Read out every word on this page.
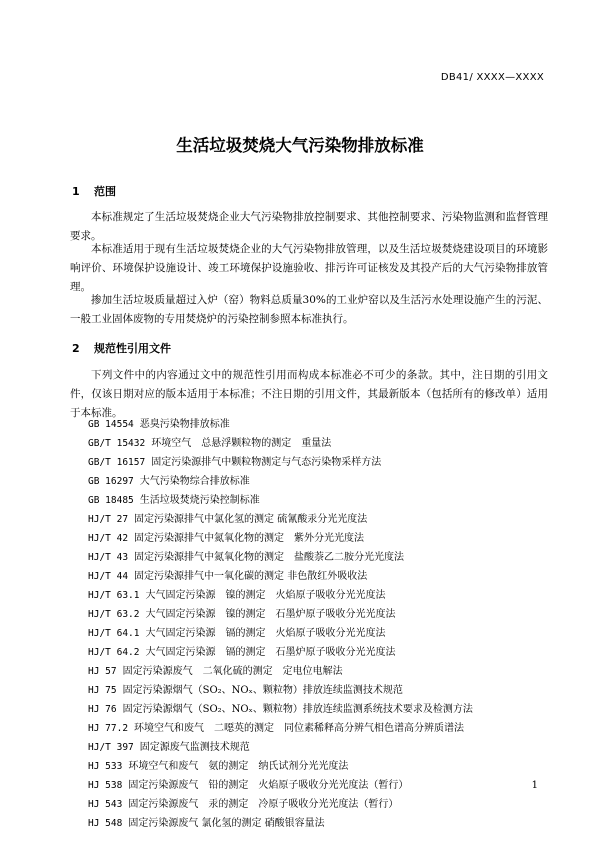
DB41/ XXXX—XXXX
生活垃圾焚烧大气污染物排放标准
1 范围

本标准规定了生活垃圾焚烧企业大气污染物排放控制要求、其他控制要求、污染物监测和监督管理要求。

本标准适用于现有生活垃圾焚烧企业的大气污染物排放管理，以及生活垃圾焚烧建设项目的环境影响评价、环境保护设施设计、竣工环境保护设施验收、排污许可证核发及其投产后的大气污染物排放管理。

掺加生活垃圾质量超过入炉（窑）物料总质量30%的工业炉窑以及生活污水处理设施产生的污泥、一般工业固体废物的专用焚烧炉的污染控制参照本标准执行。

2 规范性引用文件

下列文件中的内容通过文中的规范性引用而构成本标准必不可少的条款。其中，注日期的引用文件，仅该日期对应的版本适用于本标准；不注日期的引用文件，其最新版本（包括所有的修改单）适用于本标准。

GB 14554 恶臭污染物排放标准
GB/T 15432 环境空气　总悬浮颗粒物的测定　重量法
GB/T 16157 固定污染源排气中颗粒物测定与气态污染物采样方法
GB 16297 大气污染物综合排放标准
GB 18485 生活垃圾焚烧污染控制标准
HJ/T 27 固定污染源排气中氯化氢的测定 硫氰酸汞分光光度法
HJ/T 42 固定污染源排气中氮氧化物的测定　紫外分光光度法
HJ/T 43 固定污染源排气中氮氧化物的测定　盐酸萘乙二胺分光光度法
HJ/T 44 固定污染源排气中一氧化碳的测定 非色散红外吸收法
HJ/T 63.1 大气固定污染源　镍的测定　火焰原子吸收分光光度法
HJ/T 63.2 大气固定污染源　镍的测定　石墨炉原子吸收分光光度法
HJ/T 64.1 大气固定污染源　镉的测定　火焰原子吸收分光光度法
HJ/T 64.2 大气固定污染源　镉的测定　石墨炉原子吸收分光光度法
HJ 57 固定污染源废气　二氧化硫的测定　定电位电解法
HJ 75 固定污染源烟气（SO₂、NOₓ、颗粒物）排放连续监测技术规范
HJ 76 固定污染源烟气（SO₂、NOₓ、颗粒物）排放连续监测系统技术要求及检测方法
HJ 77.2 环境空气和废气　二噁英的测定　同位素稀释高分辨气相色谱高分辨质谱法
HJ/T 397 固定源废气监测技术规范
HJ 533 环境空气和废气　氨的测定　纳氏试剂分光光度法
HJ 538 固定污染源废气　铅的测定　火焰原子吸收分光光度法（暂行）
HJ 543 固定污染源废气　汞的测定　冷原子吸收分光光度法（暂行）
HJ 548 固定污染源废气 氯化氢的测定 硝酸银容量法
1
